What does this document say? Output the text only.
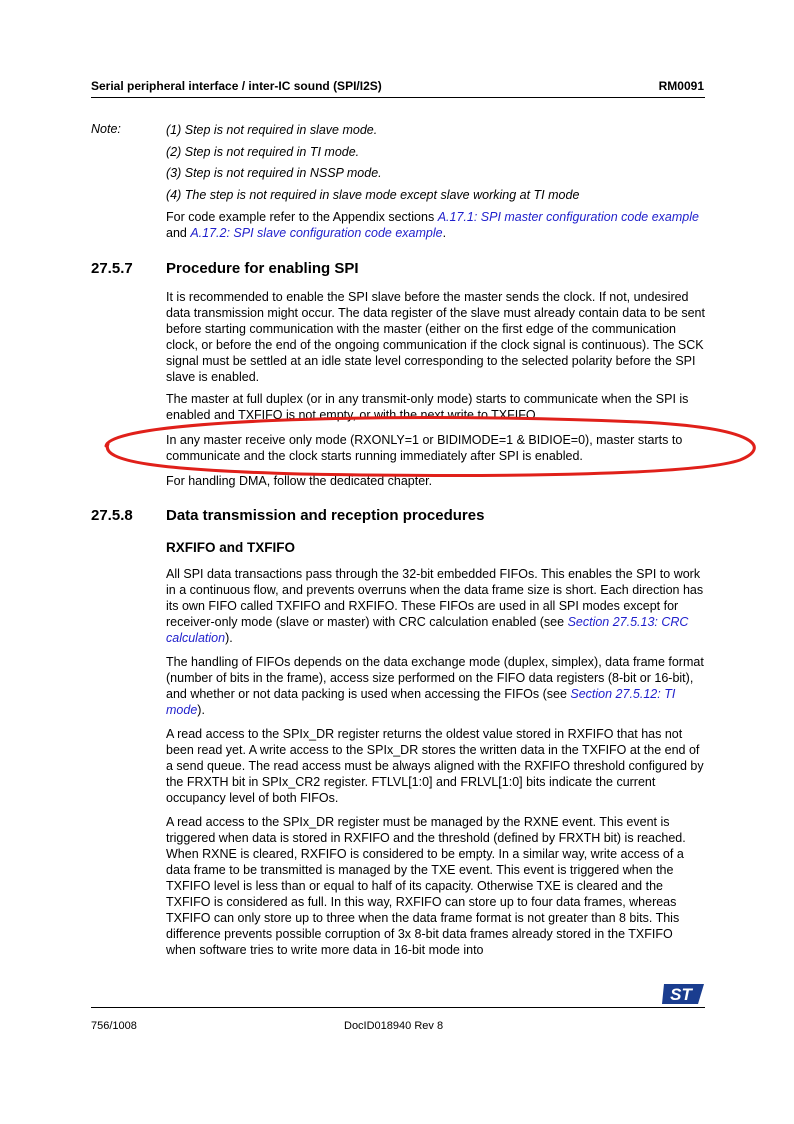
Serial peripheral interface / inter-IC sound (SPI/I2S)	RM0091
Note:	(1) Step is not required in slave mode.

(2) Step is not required in TI mode.

(3) Step is not required in NSSP mode.

(4) The step is not required in slave mode except slave working at TI mode

For code example refer to the Appendix sections A.17.1: SPI master configuration code example and A.17.2: SPI slave configuration code example.

27.5.7 Procedure for enabling SPI

It is recommended to enable the SPI slave before the master sends the clock. If not, undesired data transmission might occur. The data register of the slave must already contain data to be sent before starting communication with the master (either on the first edge of the communication clock, or before the end of the ongoing communication if the clock signal is continuous). The SCK signal must be settled at an idle state level corresponding to the selected polarity before the SPI slave is enabled.

The master at full duplex (or in any transmit-only mode) starts to communicate when the SPI is enabled and TXFIFO is not empty, or with the next write to TXFIFO.

In any master receive only mode (RXONLY=1 or BIDIMODE=1 & BIDIOE=0), master starts to communicate and the clock starts running immediately after SPI is enabled.

For handling DMA, follow the dedicated chapter.

27.5.8 Data transmission and reception procedures
RXFIFO and TXFIFO

All SPI data transactions pass through the 32-bit embedded FIFOs. This enables the SPI to work in a continuous flow, and prevents overruns when the data frame size is short. Each direction has its own FIFO called TXFIFO and RXFIFO. These FIFOs are used in all SPI modes except for receiver-only mode (slave or master) with CRC calculation enabled (see Section 27.5.13: CRC calculation).

The handling of FIFOs depends on the data exchange mode (duplex, simplex), data frame format (number of bits in the frame), access size performed on the FIFO data registers (8-bit or 16-bit), and whether or not data packing is used when accessing the FIFOs (see Section 27.5.12: TI mode).

A read access to the SPIx_DR register returns the oldest value stored in RXFIFO that has not been read yet. A write access to the SPIx_DR stores the written data in the TXFIFO at the end of a send queue. The read access must be always aligned with the RXFIFO threshold configured by the FRXTH bit in SPIx_CR2 register. FTLVL[1:0] and FRLVL[1:0] bits indicate the current occupancy level of both FIFOs.

A read access to the SPIx_DR register must be managed by the RXNE event. This event is triggered when data is stored in RXFIFO and the threshold (defined by FRXTH bit) is reached. When RXNE is cleared, RXFIFO is considered to be empty. In a similar way, write access of a data frame to be transmitted is managed by the TXE event. This event is triggered when the TXFIFO level is less than or equal to half of its capacity. Otherwise TXE is cleared and the TXFIFO is considered as full. In this way, RXFIFO can store up to four data frames, whereas TXFIFO can only store up to three when the data frame format is not greater than 8 bits. This difference prevents possible corruption of 3x 8-bit data frames already stored in the TXFIFO when software tries to write more data in 16-bit mode into

756/1008	DocID018940 Rev 8
ST
